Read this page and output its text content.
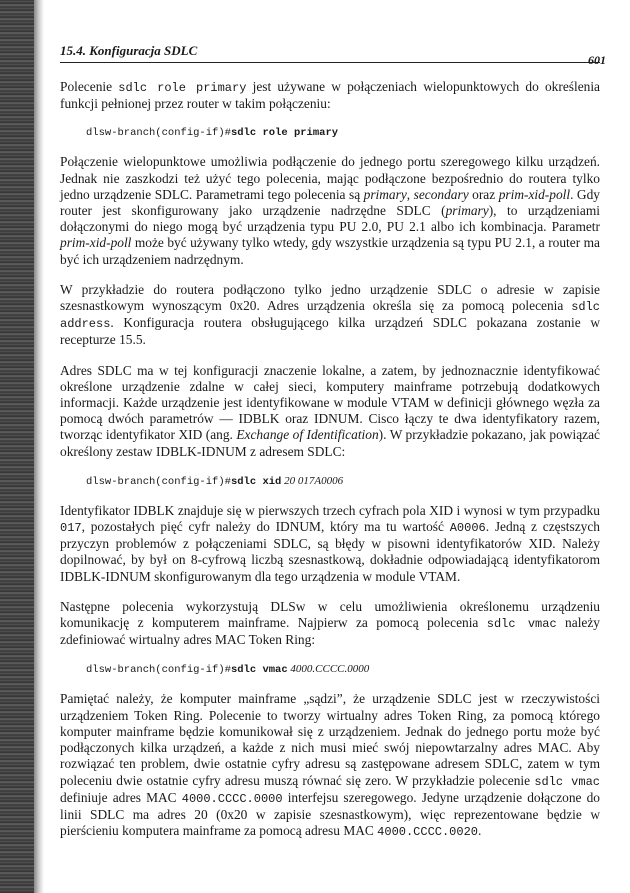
15.4. Konfiguracja SDLC
601

Polecenie sdlc role primary jest używane w połączeniach wielopunktowych do określenia funkcji pełnionej przez router w takim połączeniu:

dlsw-branch(config-if)#sdlc role primary

Połączenie wielopunktowe umożliwia podłączenie do jednego portu szeregowego kilku urządzeń. Jednak nie zaszkodzi też użyć tego polecenia, mając podłączone bezpośrednio do routera tylko jedno urządzenie SDLC. Parametrami tego polecenia są primary, secondary oraz prim-xid-poll. Gdy router jest skonfigurowany jako urządzenie nadrzędne SDLC (primary), to urządzeniami dołączonymi do niego mogą być urządzenia typu PU 2.0, PU 2.1 albo ich kombinacja. Parametr prim-xid-poll może być używany tylko wtedy, gdy wszystkie urządzenia są typu PU 2.1, a router ma być ich urządzeniem nadrzędnym.

W przykładzie do routera podłączono tylko jedno urządzenie SDLC o adresie w zapisie szesnastkowym wynoszącym 0x20. Adres urządzenia określa się za pomocą polecenia sdlc address. Konfiguracja routera obsługującego kilka urządzeń SDLC pokazana zostanie w recepturze 15.5.

Adres SDLC ma w tej konfiguracji znaczenie lokalne, a zatem, by jednoznacznie identyfikować określone urządzenie zdalne w całej sieci, komputery mainframe potrzebują dodatkowych informacji. Każde urządzenie jest identyfikowane w module VTAM w definicji głównego węzła za pomocą dwóch parametrów — IDBLK oraz IDNUM. Cisco łączy te dwa identyfikatory razem, tworząc identyfikator XID (ang. Exchange of Identification). W przykładzie pokazano, jak powiązać określony zestaw IDBLK-IDNUM z adresem SDLC:

dlsw-branch(config-if)#sdlc xid 20 017A0006

Identyfikator IDBLK znajduje się w pierwszych trzech cyfrach pola XID i wynosi w tym przypadku 017, pozostałych pięć cyfr należy do IDNUM, który ma tu wartość A0006. Jedną z częstszych przyczyn problemów z połączeniami SDLC, są błędy w pisowni identyfikatorów XID. Należy dopilnować, by był on 8-cyfrową liczbą szesnastkową, dokładnie odpowiadającą identyfikatorom IDBLK-IDNUM skonfigurowanym dla tego urządzenia w module VTAM.

Następne polecenia wykorzystują DLSw w celu umożliwienia określonemu urządzeniu komunikację z komputerem mainframe. Najpierw za pomocą polecenia sdlc vmac należy zdefiniować wirtualny adres MAC Token Ring:

dlsw-branch(config-if)#sdlc vmac 4000.CCCC.0000

Pamiętać należy, że komputer mainframe „sądzi”, że urządzenie SDLC jest w rzeczywistości urządzeniem Token Ring. Polecenie to tworzy wirtualny adres Token Ring, za pomocą którego komputer mainframe będzie komunikował się z urządzeniem. Jednak do jednego portu może być podłączonych kilka urządzeń, a każde z nich musi mieć swój niepowtarzalny adres MAC. Aby rozwiązać ten problem, dwie ostatnie cyfry adresu są zastępowane adresem SDLC, zatem w tym poleceniu dwie ostatnie cyfry adresu muszą równać się zero. W przykładzie polecenie sdlc vmac definiuje adres MAC 4000.CCCC.0000 interfejsu szeregowego. Jedyne urządzenie dołączone do linii SDLC ma adres 20 (0x20 w zapisie szesnastkowym), więc reprezentowane będzie w pierścieniu komputera mainframe za pomocą adresu MAC 4000.CCCC.0020.
